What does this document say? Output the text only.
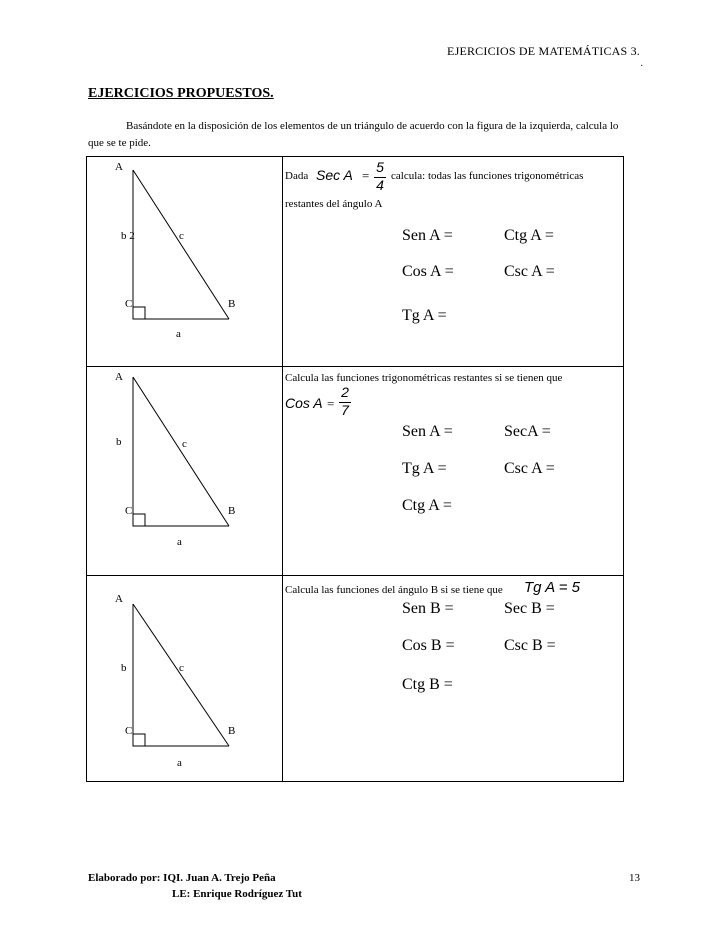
EJERCICIOS DE MATEMÁTICAS 3.
.
EJERCICIOS PROPUESTOS.
Basándote en la disposición de los elementos de un triángulo de acuerdo con la figura de la izquierda, calcula lo que se te pide.
A
b 2	c
C	B
a
Dada Sec A =
5
4
calcula: todas las funciones trigonométricas
restantes del ángulo A
Sen A =	Ctg A =
Cos A =	Csc A =
Tg A =
A
b	c
C	B
a
Calcula las funciones trigonométricas restantes si se tienen que
Cos A =
2
7
Sen A =	SecA =
Tg A =	Csc A =
Ctg A =
A
b	c
C	B
a
Calcula las funciones del ángulo B si se tiene que Tg A = 5
Sen B =	Sec B =
Cos B =	Csc B =
Ctg B =
Elaborado por: IQI. Juan A. Trejo Peña
LE: Enrique Rodríguez Tut
13
